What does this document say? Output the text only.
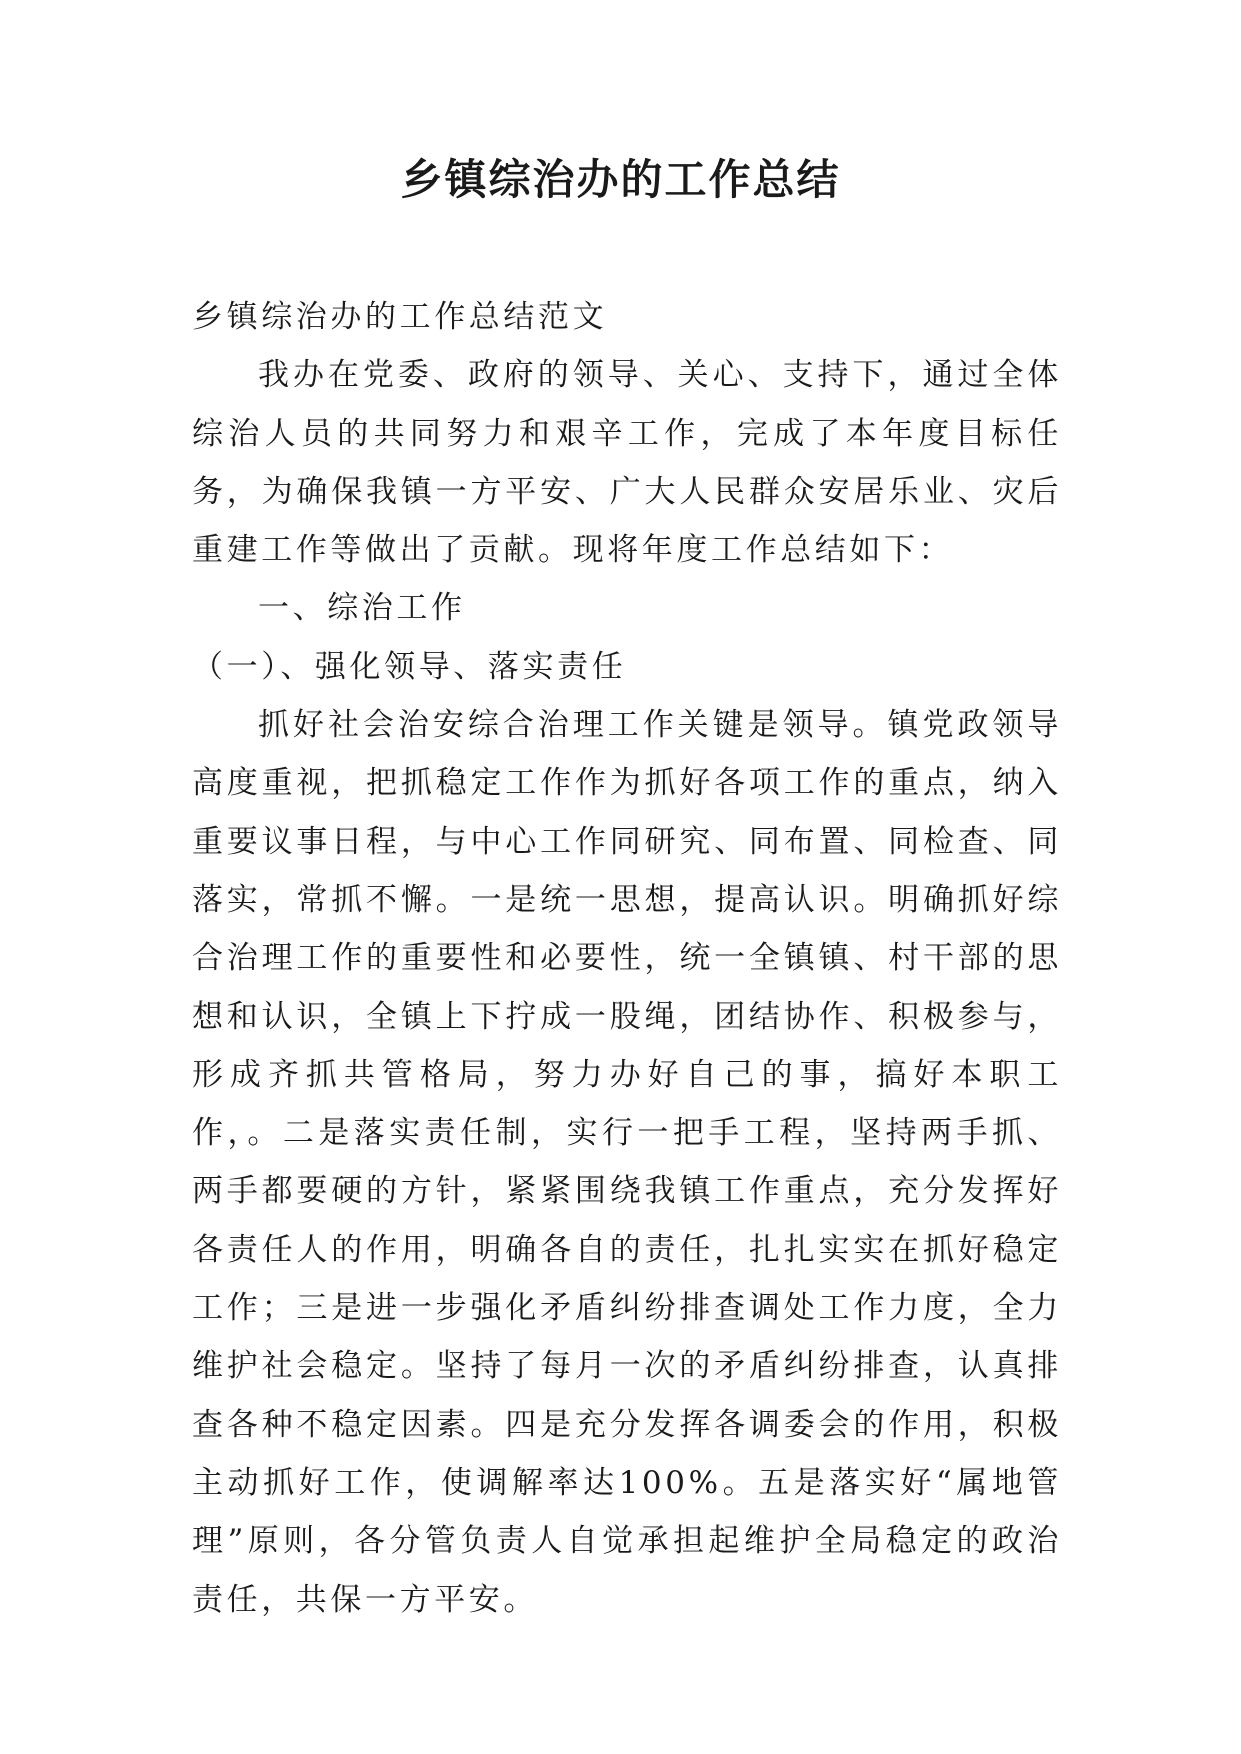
乡镇综治办的工作总结

乡镇综治办的工作总结范文

我办在党委、政府的领导、关心、支持下，通过全体综治人员的共同努力和艰辛工作，完成了本年度目标任务，为确保我镇一方平安、广大人民群众安居乐业、灾后重建工作等做出了贡献。现将年度工作总结如下：

一、综治工作

（一）、强化领导、落实责任

抓好社会治安综合治理工作关键是领导。镇党政领导高度重视，把抓稳定工作作为抓好各项工作的重点，纳入重要议事日程，与中心工作同研究、同布置、同检查、同落实，常抓不懈。一是统一思想，提高认识。明确抓好综合治理工作的重要性和必要性，统一全镇镇、村干部的思想和认识，全镇上下拧成一股绳，团结协作、积极参与，形成齐抓共管格局，努力办好自己的事，搞好本职工作，。二是落实责任制，实行一把手工程，坚持两手抓、两手都要硬的方针，紧紧围绕我镇工作重点，充分发挥好各责任人的作用，明确各自的责任，扎扎实实在抓好稳定工作；三是进一步强化矛盾纠纷排查调处工作力度，全力维护社会稳定。坚持了每月一次的矛盾纠纷排查，认真排查各种不稳定因素。四是充分发挥各调委会的作用，积极主动抓好工作，使调解率达100%。五是落实好“属地管理”原则，各分管负责人自觉承担起维护全局稳定的政治责任，共保一方平安。
